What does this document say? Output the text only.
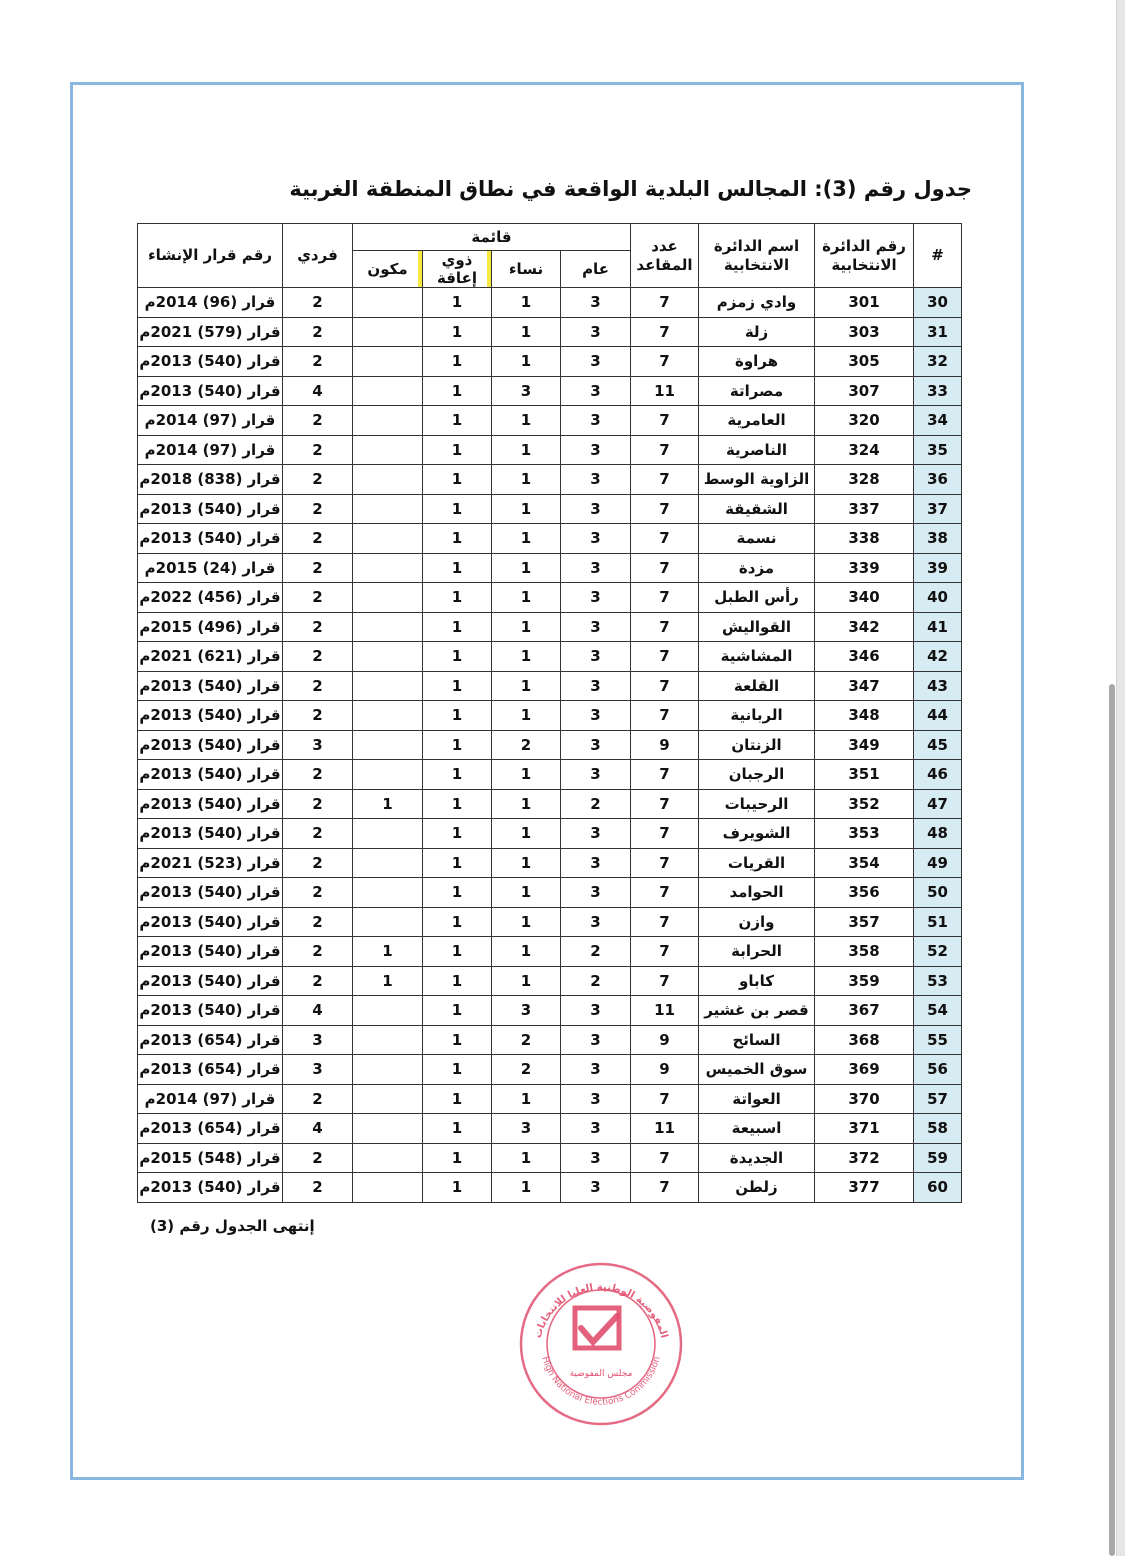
جدول رقم (3): المجالس البلدية الواقعة في نطاق المنطقة الغربية
#	رقم الدائرة الانتخابية	اسم الدائرة الانتخابية	عدد المقاعد	قائمة				فردي	رقم قرار الإنشاء
				عام	نساء	ذوي إعاقة	مكون		
30	301	وادي زمزم	7	3	1	1		2	قرار (96) 2014م
31	303	زلة	7	3	1	1		2	قرار (579) 2021م
32	305	هراوة	7	3	1	1		2	قرار (540) 2013م
33	307	مصراتة	11	3	3	1		4	قرار (540) 2013م
34	320	العامرية	7	3	1	1		2	قرار (97) 2014م
35	324	الناصرية	7	3	1	1		2	قرار (97) 2014م
36	328	الزاوية الوسط	7	3	1	1		2	قرار (838) 2018م
37	337	الشقيقة	7	3	1	1		2	قرار (540) 2013م
38	338	نسمة	7	3	1	1		2	قرار (540) 2013م
39	339	مزدة	7	3	1	1		2	قرار (24) 2015م
40	340	رأس الطبل	7	3	1	1		2	قرار (456) 2022م
41	342	القواليش	7	3	1	1		2	قرار (496) 2015م
42	346	المشاشية	7	3	1	1		2	قرار (621) 2021م
43	347	القلعة	7	3	1	1		2	قرار (540) 2013م
44	348	الربانية	7	3	1	1		2	قرار (540) 2013م
45	349	الزنتان	9	3	2	1		3	قرار (540) 2013م
46	351	الرجبان	7	3	1	1		2	قرار (540) 2013م
47	352	الرحيبات	7	2	1	1	1	2	قرار (540) 2013م
48	353	الشويرف	7	3	1	1		2	قرار (540) 2013م
49	354	القريات	7	3	1	1		2	قرار (523) 2021م
50	356	الحوامد	7	3	1	1		2	قرار (540) 2013م
51	357	وازن	7	3	1	1		2	قرار (540) 2013م
52	358	الحرابة	7	2	1	1	1	2	قرار (540) 2013م
53	359	كاباو	7	2	1	1	1	2	قرار (540) 2013م
54	367	قصر بن غشير	11	3	3	1		4	قرار (540) 2013م
55	368	السائح	9	3	2	1		3	قرار (654) 2013م
56	369	سوق الخميس	9	3	2	1		3	قرار (654) 2013م
57	370	العواتة	7	3	1	1		2	قرار (97) 2014م
58	371	اسبيعة	11	3	3	1		4	قرار (654) 2013م
59	372	الجديدة	7	3	1	1		2	قرار (548) 2015م
60	377	زلطن	7	3	1	1		2	قرار (540) 2013م
إنتهى الجدول رقم (3)
المفوضية الوطنية العليا للانتخابات
High National Elections Commission
مجلس المفوضية
